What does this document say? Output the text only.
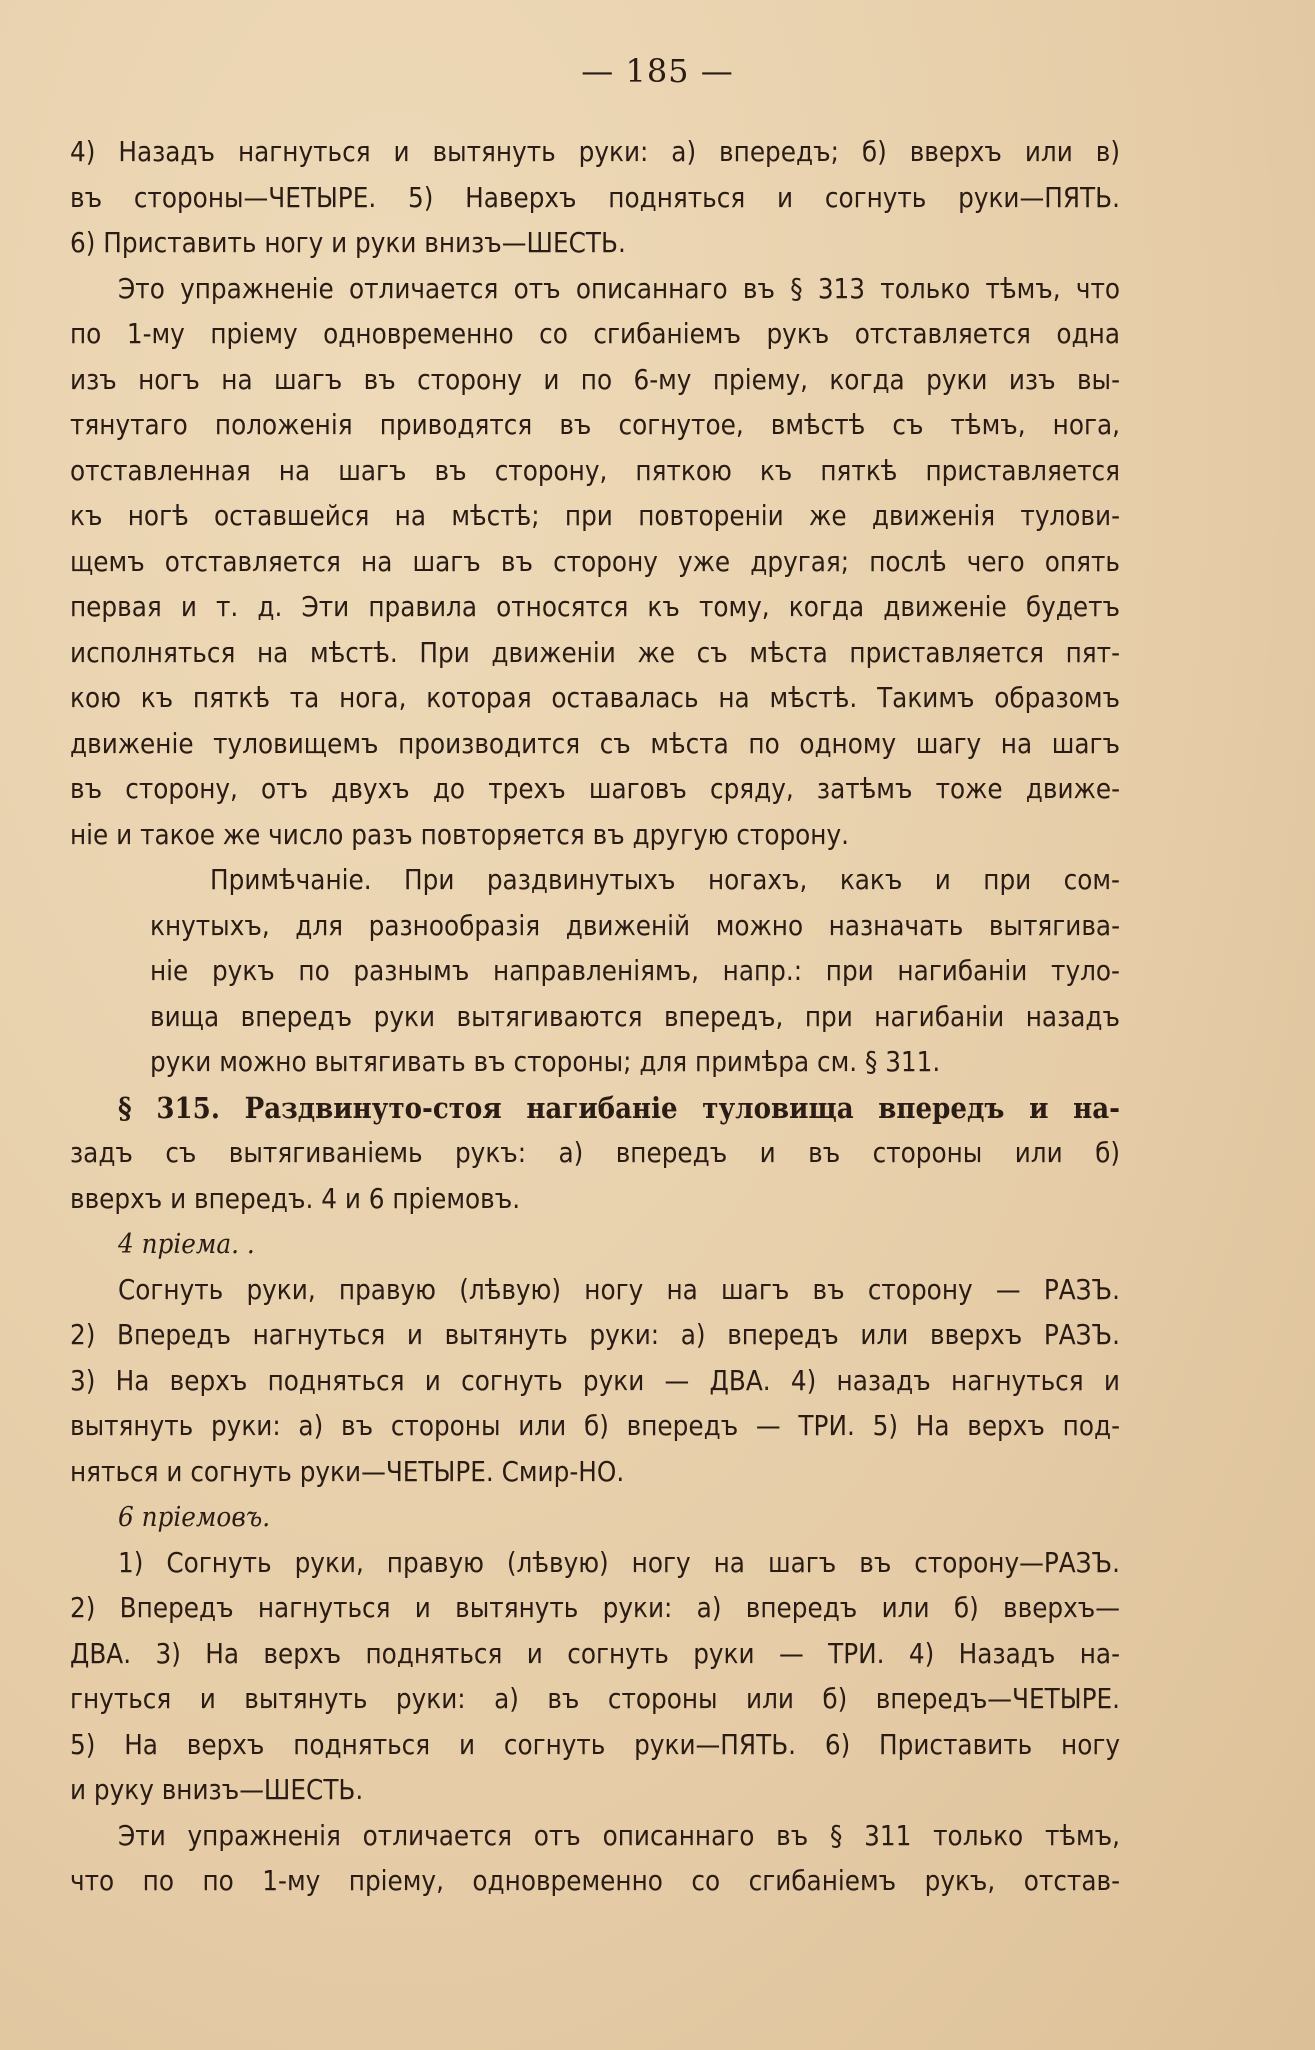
— 185 —
4) Назадъ нагнуться и вытянуть руки: а) впередъ; б) вверхъ или в)
въ стороны—ЧЕТЫРЕ. 5) Наверхъ подняться и согнуть руки—ПЯТЬ.
6) Приставить ногу и руки внизъ—ШЕСТЬ.
Это упражненіе отличается отъ описаннаго въ § 313 только тѣмъ, что
по 1-му пріему одновременно со сгибаніемъ рукъ отставляется одна
изъ ногъ на шагъ въ сторону и по 6-му пріему, когда руки изъ вы-
тянутаго положенія приводятся въ согнутое, вмѣстѣ съ тѣмъ, нога,
отставленная на шагъ въ сторону, пяткою къ пяткѣ приставляется
къ ногѣ оставшейся на мѣстѣ; при повтореніи же движенія тулови-
щемъ отставляется на шагъ въ сторону уже другая; послѣ чего опять
первая и т. д. Эти правила относятся къ тому, когда движеніе будетъ
исполняться на мѣстѣ. При движеніи же съ мѣста приставляется пят-
кою къ пяткѣ та нога, которая оставалась на мѣстѣ. Такимъ образомъ
движеніе туловищемъ производится съ мѣста по одному шагу на шагъ
въ сторону, отъ двухъ до трехъ шаговъ сряду, затѣмъ тоже движе-
ніе и такое же число разъ повторяется въ другую сторону.
Примѣчаніе. При раздвинутыхъ ногахъ, какъ и при сом-
кнутыхъ, для разнообразія движеній можно назначать вытягива-
ніе рукъ по разнымъ направленіямъ, напр.: при нагибаніи туло-
вища впередъ руки вытягиваются впередъ, при нагибаніи назадъ
руки можно вытягивать въ стороны; для примѣра см. § 311.
§ 315. Раздвинуто-стоя нагибаніе туловища впередъ и на-
задъ съ вытягиваніемь рукъ: а) впередъ и въ стороны или б)
вверхъ и впередъ. 4 и 6 пріемовъ.
4 пріема. .
Согнуть руки, правую (лѣвую) ногу на шагъ въ сторону — РАЗЪ.
2) Впередъ нагнуться и вытянуть руки: а) впередъ или вверхъ РАЗЪ.
3) На верхъ подняться и согнуть руки — ДВА. 4) назадъ нагнуться и
вытянуть руки: а) въ стороны или б) впередъ — ТРИ. 5) На верхъ под-
няться и согнуть руки—ЧЕТЫРЕ. Смир-НО.
6 пріемовъ.
1) Согнуть руки, правую (лѣвую) ногу на шагъ въ сторону—РАЗЪ.
2) Впередъ нагнуться и вытянуть руки: а) впередъ или б) вверхъ—
ДВА. 3) На верхъ подняться и согнуть руки — ТРИ. 4) Назадъ на-
гнуться и вытянуть руки: а) въ стороны или б) впередъ—ЧЕТЫРЕ.
5) На верхъ подняться и согнуть руки—ПЯТЬ. 6) Приставить ногу
и руку внизъ—ШЕСТЬ.
Эти упражненія отличается отъ описаннаго въ § 311 только тѣмъ,
что по по 1-му пріему, одновременно со сгибаніемъ рукъ, отстав-
